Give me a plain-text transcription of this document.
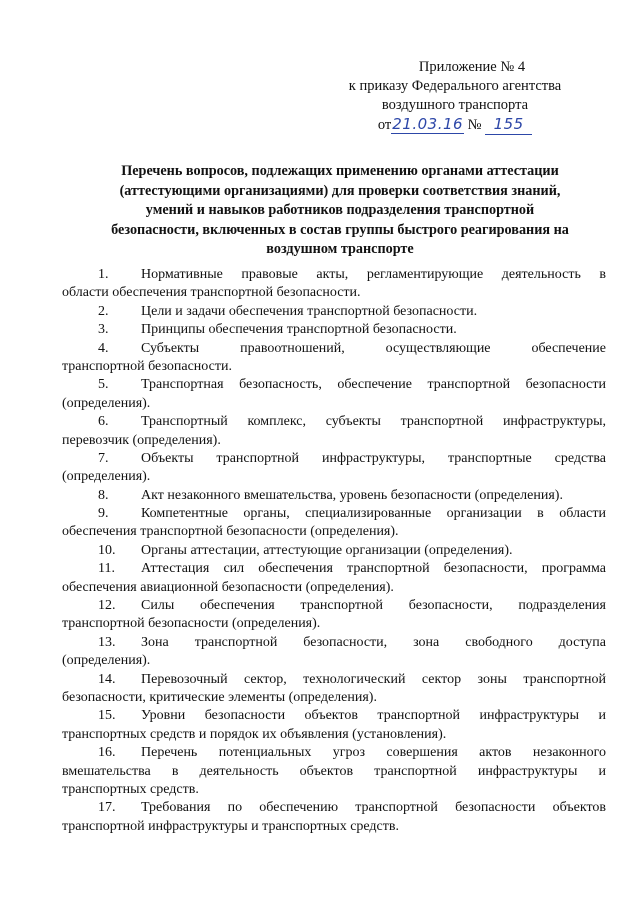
Приложение № 4
к приказу Федерального агентства
воздушного транспорта
от21.03.16 № 155
Перечень вопросов, подлежащих применению органами аттестации
(аттестующими организациями) для проверки соответствия знаний,
умений и навыков работников подразделения транспортной
безопасности, включенных в состав группы быстрого реагирования на
воздушном транспорте
1. Нормативные правовые акты, регламентирующие деятельность в
области обеспечения транспортной безопасности.
2. Цели и задачи обеспечения транспортной безопасности.
3. Принципы обеспечения транспортной безопасности.
4. Субъекты правоотношений, осуществляющие обеспечение
транспортной безопасности.
5. Транспортная безопасность, обеспечение транспортной безопасности
(определения).
6. Транспортный комплекс, субъекты транспортной инфраструктуры,
перевозчик (определения).
7. Объекты транспортной инфраструктуры, транспортные средства
(определения).
8. Акт незаконного вмешательства, уровень безопасности (определения).
9. Компетентные органы, специализированные организации в области
обеспечения транспортной безопасности (определения).
10. Органы аттестации, аттестующие организации (определения).
11. Аттестация сил обеспечения транспортной безопасности, программа
обеспечения авиационной безопасности (определения).
12. Силы обеспечения транспортной безопасности, подразделения
транспортной безопасности (определения).
13. Зона транспортной безопасности, зона свободного доступа
(определения).
14. Перевозочный сектор, технологический сектор зоны транспортной
безопасности, критические элементы (определения).
15. Уровни безопасности объектов транспортной инфраструктуры и
транспортных средств и порядок их объявления (установления).
16. Перечень потенциальных угроз совершения актов незаконного
вмешательства в деятельность объектов транспортной инфраструктуры и
транспортных средств.
17. Требования по обеспечению транспортной безопасности объектов
транспортной инфраструктуры и транспортных средств.
